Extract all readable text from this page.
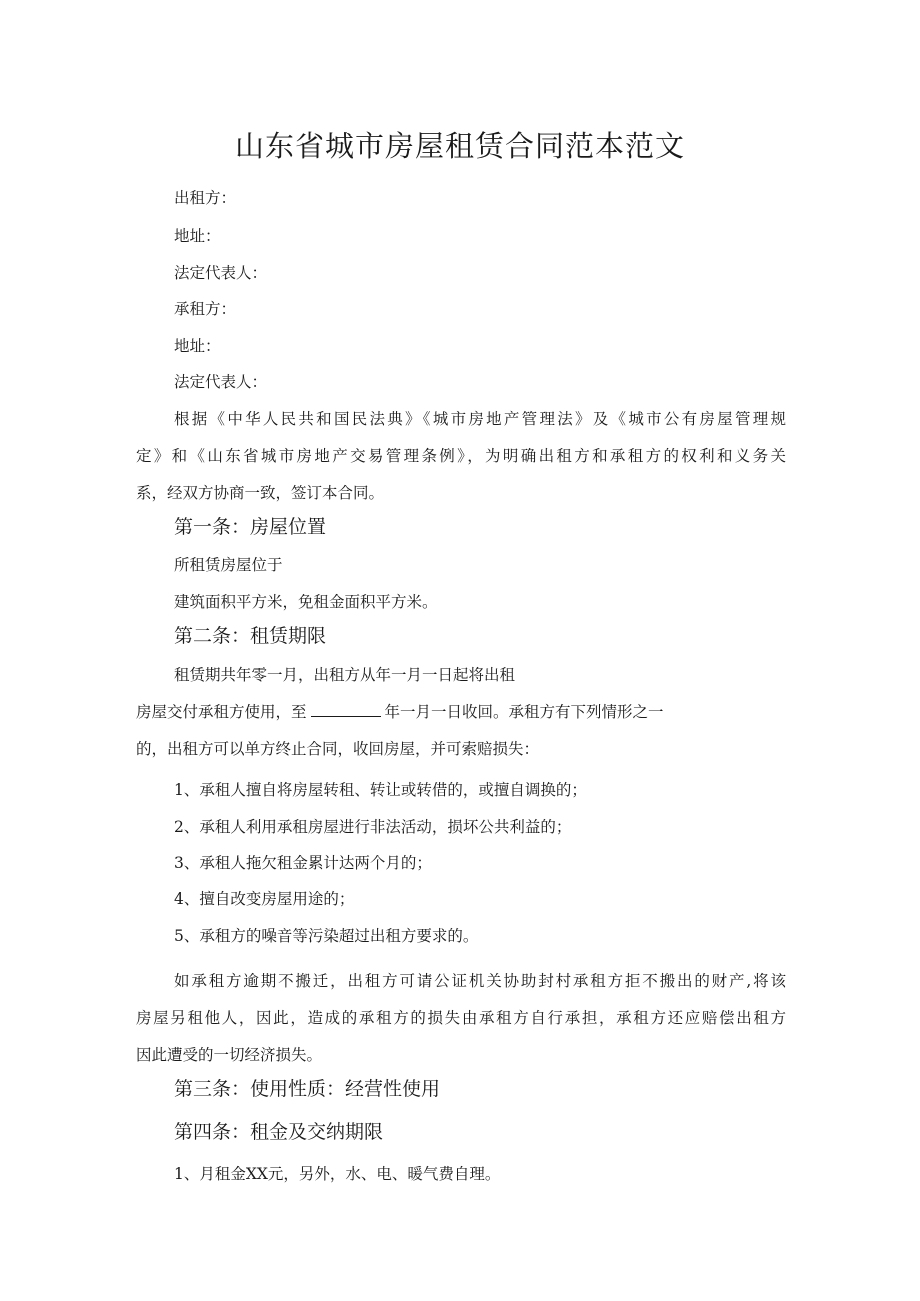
山东省城市房屋租赁合同范本范文
出租方：
地址：
法定代表人：
承租方：
地址：
法定代表人：
根据《中华人民共和国民法典》《城市房地产管理法》及《城市公有房屋管理规
定》和《山东省城市房地产交易管理条例》，为明确出租方和承租方的权利和义务关
系，经双方协商一致，签订本合同。
第一条：房屋位置
所租赁房屋位于
建筑面积平方米，免租金面积平方米。
第二条：租赁期限
租赁期共年零一月，出租方从年一月一日起将出租
房屋交付承租方使用，至	年一月一日收回。承租方有下列情形之一
的，出租方可以单方终止合同，收回房屋，并可索赔损失：
1、承租人擅自将房屋转租、转让或转借的，或擅自调换的；
2、承租人利用承租房屋进行非法活动，损坏公共利益的；
3、承租人拖欠租金累计达两个月的；
4、擅自改变房屋用途的；
5、承租方的噪音等污染超过出租方要求的。
如承租方逾期不搬迁，出租方可请公证机关协助封村承租方拒不搬出的财产,将该
房屋另租他人，因此，造成的承租方的损失由承租方自行承担，承租方还应赔偿出租方
因此遭受的一切经济损失。
第三条：使用性质：经营性使用
第四条：租金及交纳期限
1、月租金XX元，另外，水、电、暖气费自理。
